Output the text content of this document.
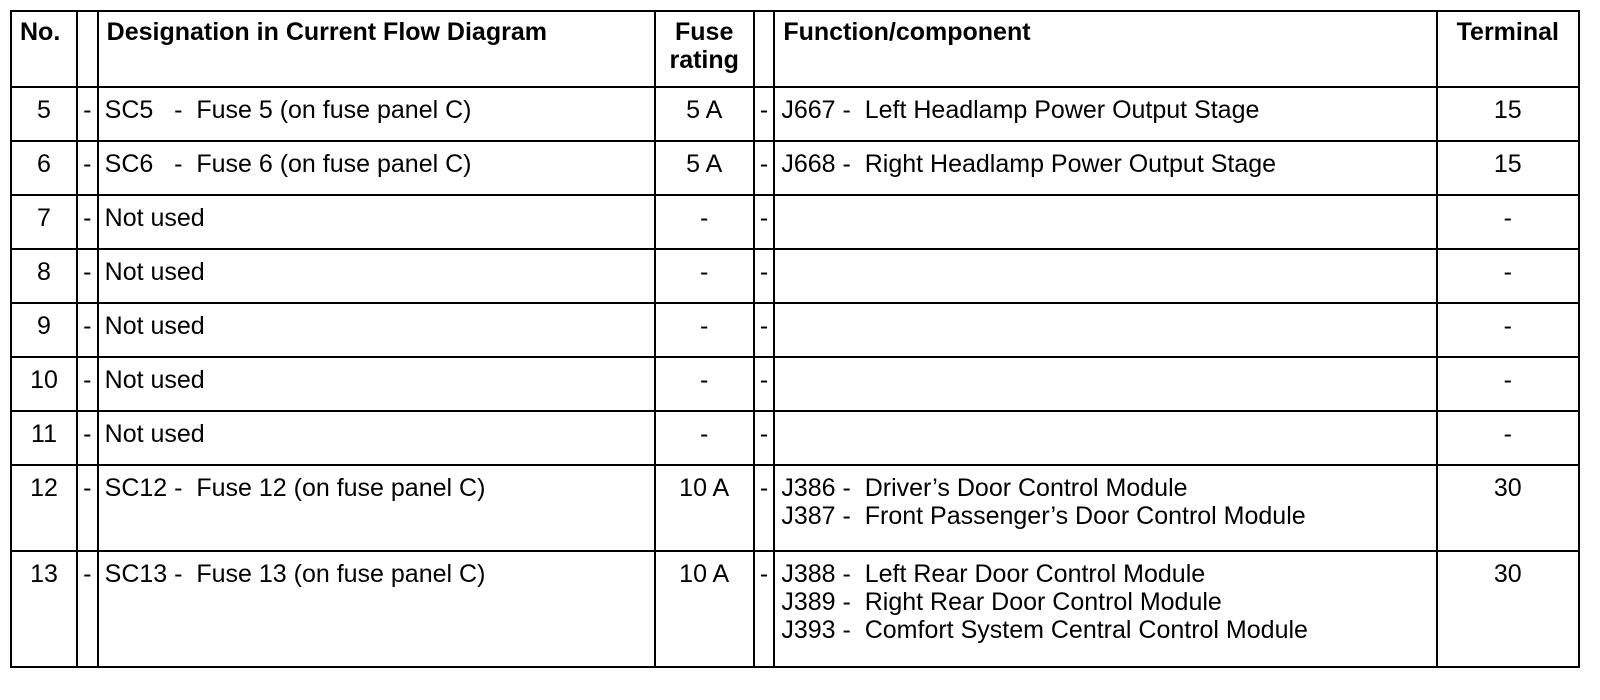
No.		Designation in Current Flow Diagram	Fuse
rating		Function/component	Terminal
5	-	SC5   -  Fuse 5 (on fuse panel C)	5 A	-	J667 -  Left Headlamp Power Output Stage	15
6	-	SC6   -  Fuse 6 (on fuse panel C)	5 A	-	J668 -  Right Headlamp Power Output Stage	15
7	-	Not used	-	-		-
8	-	Not used	-	-		-
9	-	Not used	-	-		-
10	-	Not used	-	-		-
11	-	Not used	-	-		-
12	-	SC12 -  Fuse 12 (on fuse panel C)	10 A	-	J386 -  Driver’s Door Control Module
J387 -  Front Passenger’s Door Control Module	30
13	-	SC13 -  Fuse 13 (on fuse panel C)	10 A	-	J388 -  Left Rear Door Control Module
J389 -  Right Rear Door Control Module
J393 -  Comfort System Central Control Module	30
